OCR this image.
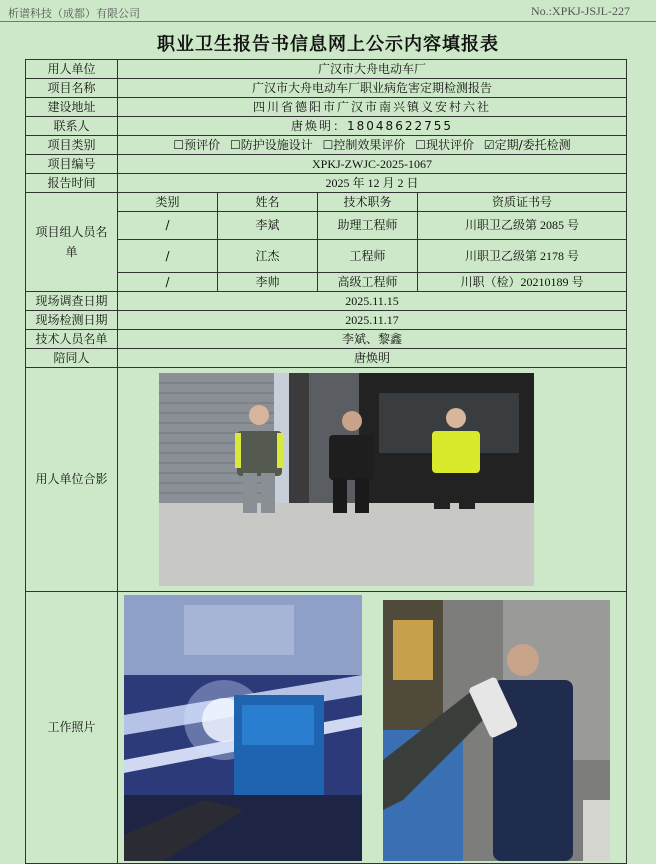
析谱科技（成都）有限公司	No.:XPKJ-JSJL-227
职业卫生报告书信息网上公示内容填报表
用人单位	广汉市大舟电动车厂			
项目名称	广汉市大舟电动车厂职业病危害定期检测报告			
建设地址	四川省德阳市广汉市南兴镇义安村六社			
联系人	唐焕明：18048622755			
项目类别	☐预评价 ☐防护设施设计 ☐控制效果评价 ☐现状评价 ☑定期/委托检测			
项目编号	XPKJ-ZWJC-2025-1067			
报告时间	2025 年 12 月 2 日			
项目组人员名单	类别	姓名	技术职务	资质证书号
	/	李斌	助理工程师	川职卫乙级第 2085 号
	/	江杰	工程师	川职卫乙级第 2178 号
	/	李帅	高级工程师	川职（检）20210189 号
现场调查日期	2025.11.15			
现场检测日期	2025.11.17			
技术人员名单	李斌、黎鑫			
陪同人	唐焕明			
用人单位合影				
工作照片				
